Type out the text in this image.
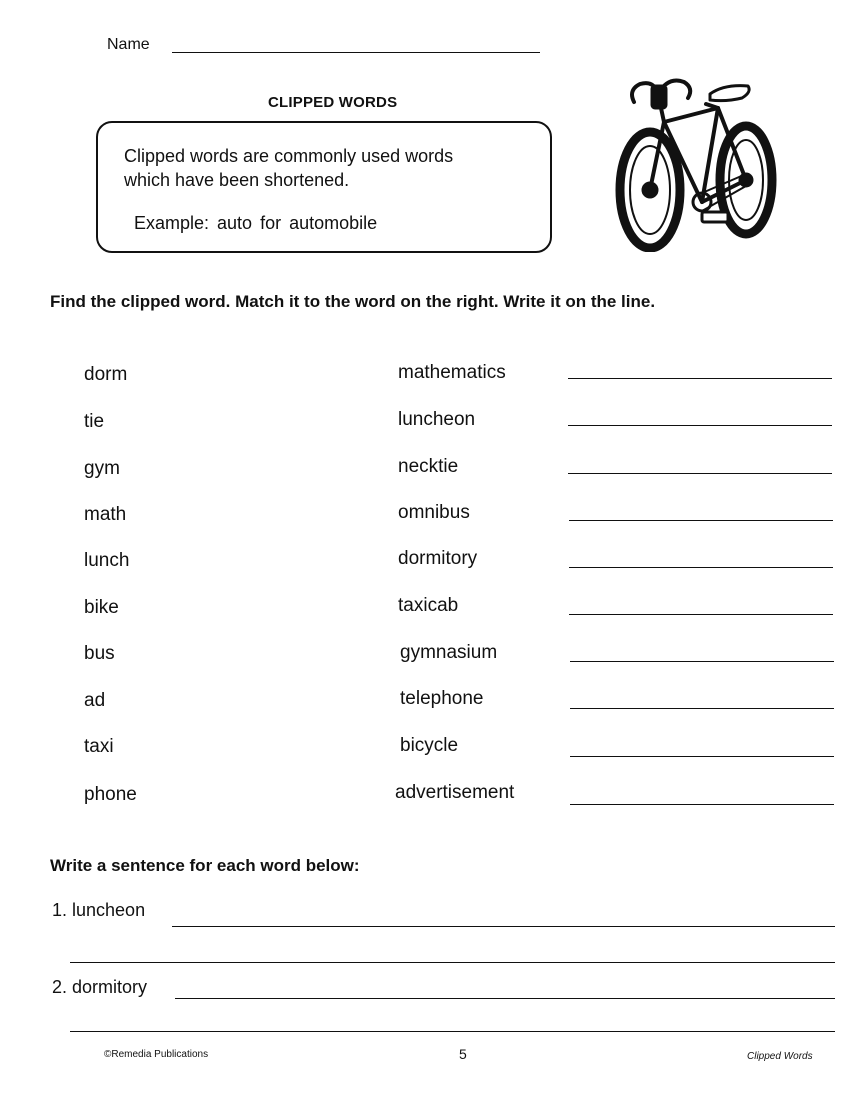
Name
CLIPPED WORDS
Clipped words are commonly used words
which have been shortened.
Example: auto for automobile
Find the clipped word. Match it to the word on the right. Write it on the line.
dorm	mathematics
tie	luncheon
gym	necktie
math	omnibus
lunch	dormitory
bike	taxicab
bus	gymnasium
ad	telephone
taxi	bicycle
phone	advertisement
Write a sentence for each word below:
1. luncheon
2. dormitory
©Remedia Publications	5	Clipped Words
